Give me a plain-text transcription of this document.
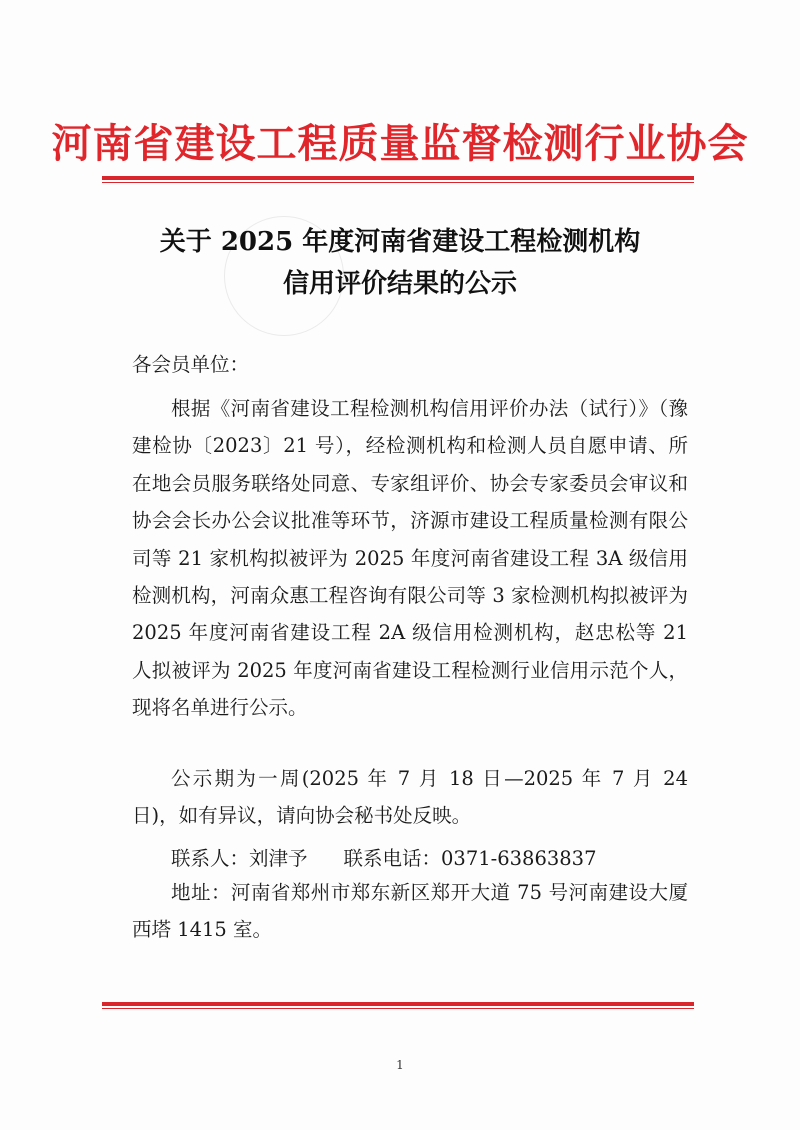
河南省建设工程质量监督检测行业协会
关于 2025 年度河南省建设工程检测机构
信用评价结果的公示
各会员单位：

根据《河南省建设工程检测机构信用评价办法（试行）》（豫建检协〔2023〕21 号），经检测机构和检测人员自愿申请、所在地会员服务联络处同意、专家组评价、协会专家委员会审议和协会会长办公会议批准等环节，济源市建设工程质量检测有限公司等 21 家机构拟被评为 2025 年度河南省建设工程 3A 级信用检测机构，河南众惠工程咨询有限公司等 3 家检测机构拟被评为 2025 年度河南省建设工程 2A 级信用检测机构，赵忠松等 21 人拟被评为 2025 年度河南省建设工程检测行业信用示范个人，现将名单进行公示。

公示期为一周(2025 年 7 月 18 日—2025 年 7 月 24 日)，如有异议，请向协会秘书处反映。

联系人：刘津予 联系电话：0371-63863837

地址：河南省郑州市郑东新区郑开大道 75 号河南建设大厦西塔 1415 室。

1
